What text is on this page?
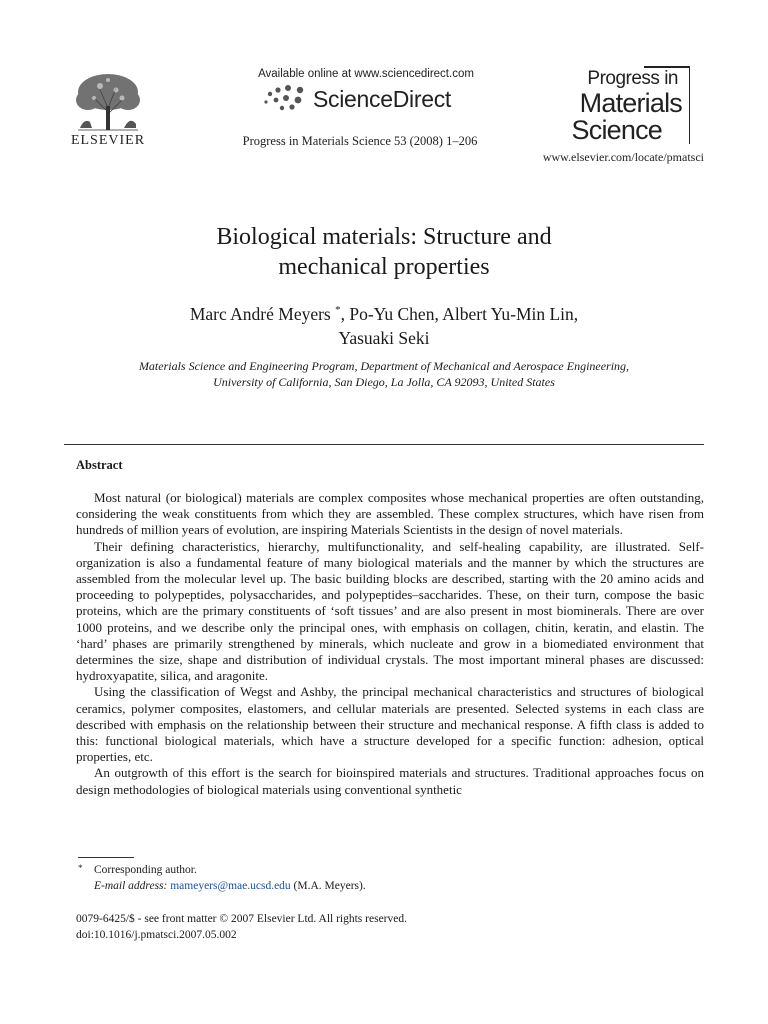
ELSEVIER
Available online at www.sciencedirect.com
ScienceDirect
Progress in Materials Science 53 (2008) 1–206
Progress in
Materials
Science
www.elsevier.com/locate/pmatsci
Biological materials: Structure and
mechanical properties
Marc André Meyers *, Po-Yu Chen, Albert Yu-Min Lin,
Yasuaki Seki
Materials Science and Engineering Program, Department of Mechanical and Aerospace Engineering,
University of California, San Diego, La Jolla, CA 92093, United States
Abstract

Most natural (or biological) materials are complex composites whose mechanical properties are often outstanding, considering the weak constituents from which they are assembled. These complex structures, which have risen from hundreds of million years of evolution, are inspiring Materials Scientists in the design of novel materials.

Their defining characteristics, hierarchy, multifunctionality, and self-healing capability, are illustrated. Self-organization is also a fundamental feature of many biological materials and the manner by which the structures are assembled from the molecular level up. The basic building blocks are described, starting with the 20 amino acids and proceeding to polypeptides, polysaccharides, and polypeptides–saccharides. These, on their turn, compose the basic proteins, which are the primary constituents of ‘soft tissues’ and are also present in most biominerals. There are over 1000 proteins, and we describe only the principal ones, with emphasis on collagen, chitin, keratin, and elastin. The ‘hard’ phases are primarily strengthened by minerals, which nucleate and grow in a biomediated environment that determines the size, shape and distribution of individual crystals. The most important mineral phases are discussed: hydroxyapatite, silica, and aragonite.

Using the classification of Wegst and Ashby, the principal mechanical characteristics and structures of biological ceramics, polymer composites, elastomers, and cellular materials are presented. Selected systems in each class are described with emphasis on the relationship between their structure and mechanical response. A fifth class is added to this: functional biological materials, which have a structure developed for a specific function: adhesion, optical properties, etc.

An outgrowth of this effort is the search for bioinspired materials and structures. Traditional approaches focus on design methodologies of biological materials using conventional synthetic

*	Corresponding author.
E-mail address: mameyers@mae.ucsd.edu (M.A. Meyers).
0079-6425/$ - see front matter © 2007 Elsevier Ltd. All rights reserved.
doi:10.1016/j.pmatsci.2007.05.002
